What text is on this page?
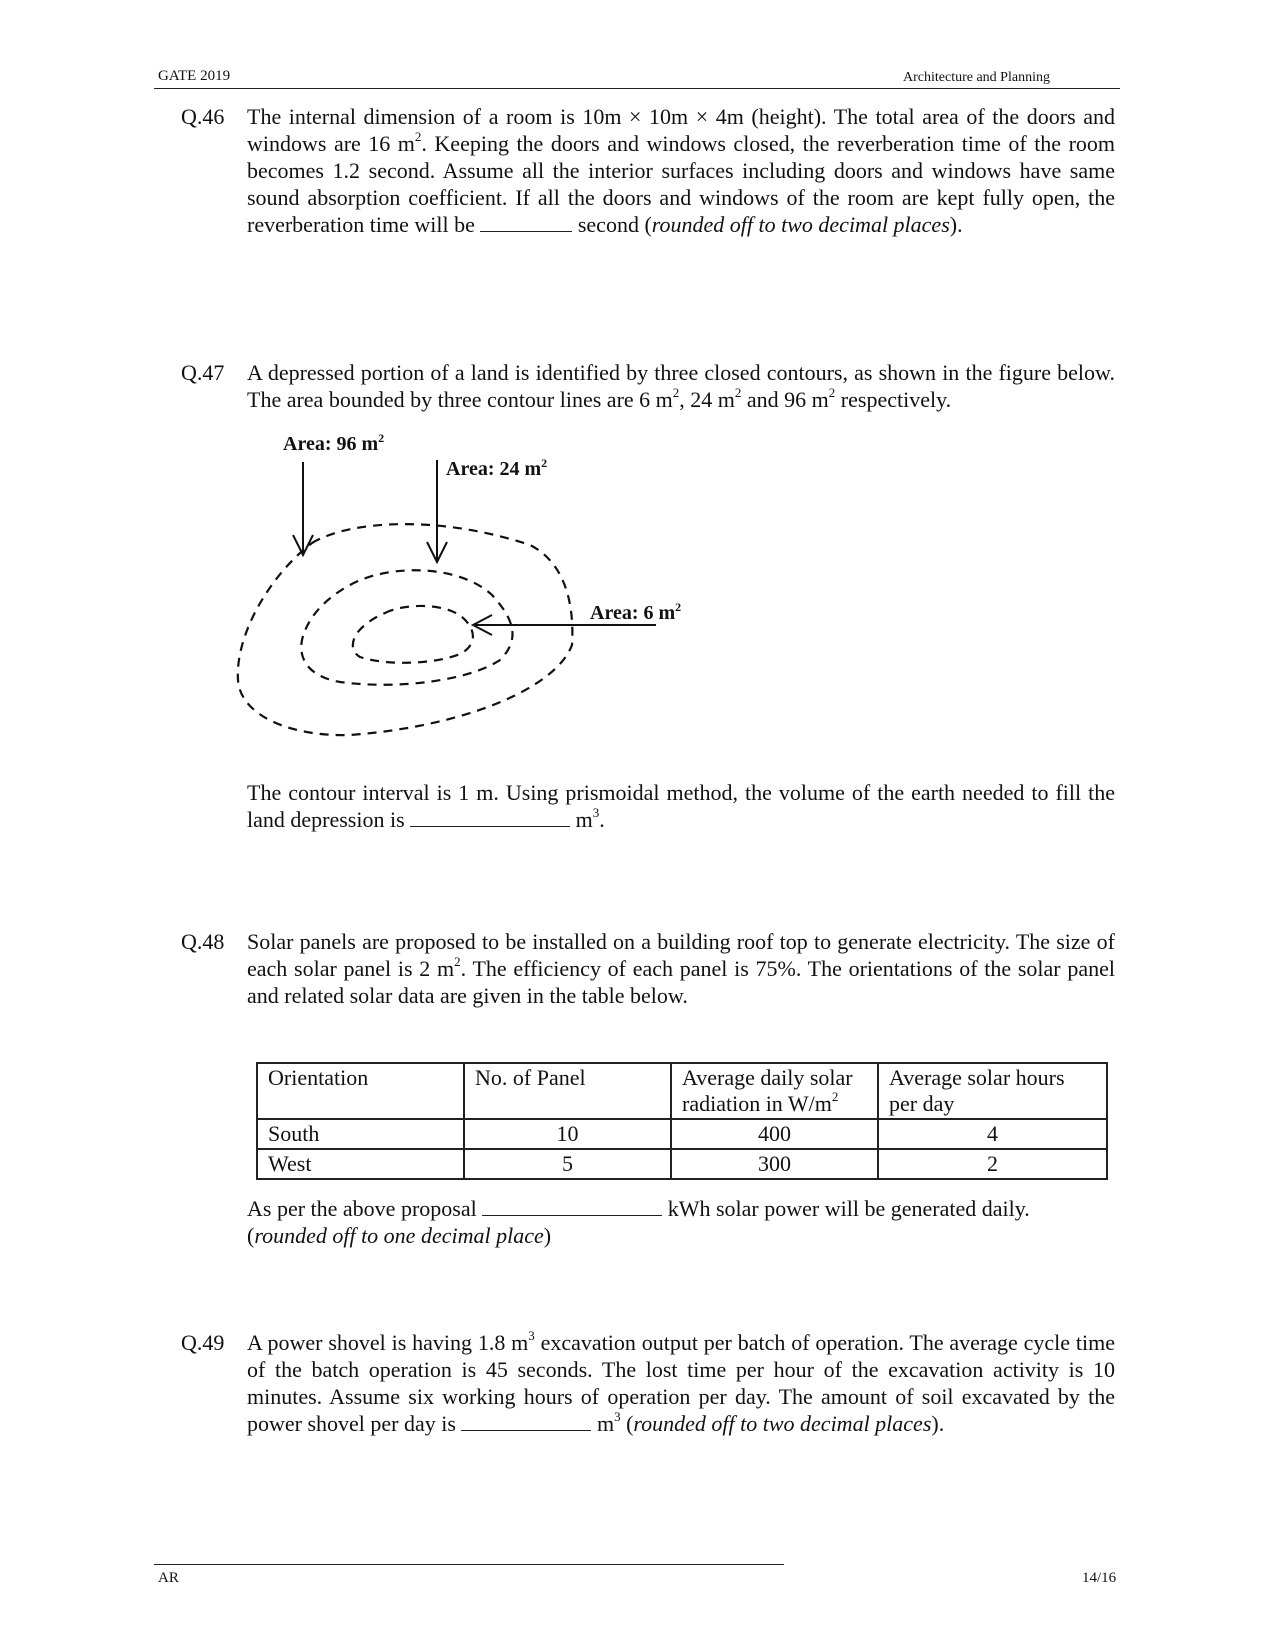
GATE 2019	Architecture and Planning
Q.46 The internal dimension of a room is 10m × 10m × 4m (height). The total area of the doors and windows are 16 $m^2$. Keeping the doors and windows closed, the reverberation time of the room becomes 1.2 second. Assume all the interior surfaces including doors and windows have same sound absorption coefficient. If all the doors and windows of the room are kept fully open, the reverberation time will be	second (rounded off to two decimal places).

Q.47 A depressed portion of a land is identified by three closed contours, as shown in the figure below. The area bounded by three contour lines are 6 $m^2$, 24 $m^2$ and 96 $m^2$ respectively.

Area: 96 $m^2$
Area: 24 $m^2$
Area: 6 $m^2$

The contour interval is 1 m. Using prismoidal method, the volume of the earth needed to fill the land depression is	$m^3$.

Q.48 Solar panels are proposed to be installed on a building roof top to generate electricity. The size of each solar panel is 2 $m^2$. The efficiency of each panel is 75%. The orientations of the solar panel and related solar data are given in the table below.

Orientation	No. of Panel	Average daily solar radiation in $W/m^2$	Average solar hours per day
South	10	400	4
West	5	300	2

As per the above proposal	kWh solar power will be generated daily.
(rounded off to one decimal place)

Q.49 A power shovel is having 1.8 $m^3$ excavation output per batch of operation. The average cycle time of the batch operation is 45 seconds. The lost time per hour of the excavation activity is 10 minutes. Assume six working hours of operation per day. The amount of soil excavated by the power shovel per day is	$m^3$ (rounded off to two decimal places).

AR	14/16
